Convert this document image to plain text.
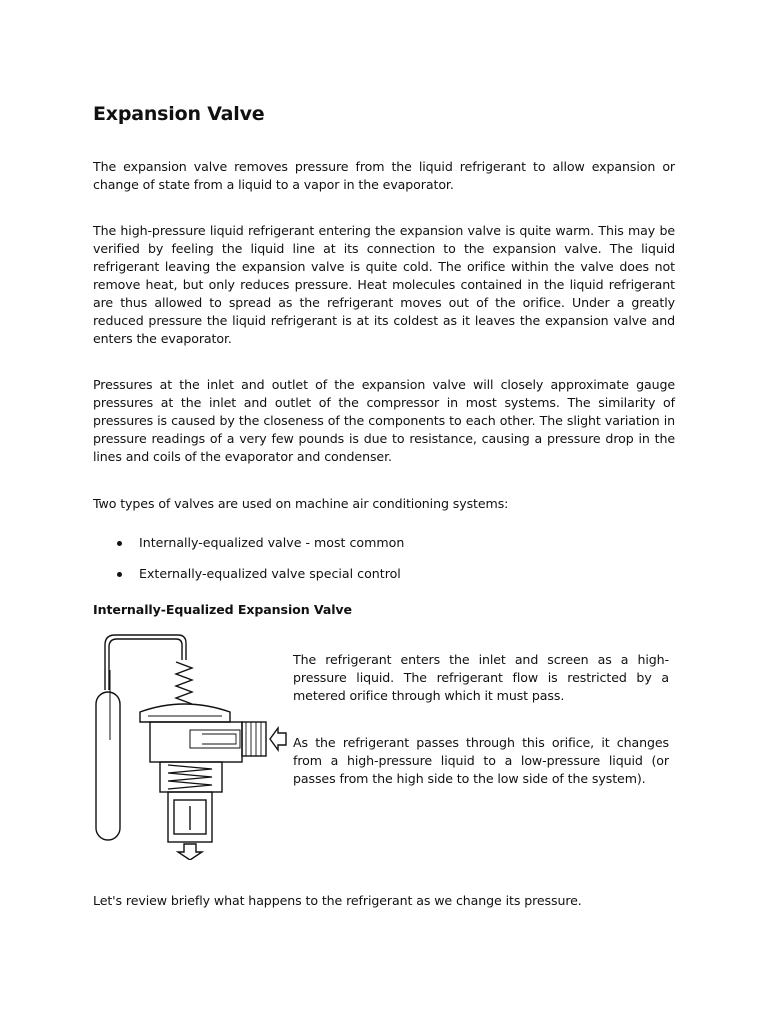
Expansion Valve

The expansion valve removes pressure from the liquid refrigerant to allow expansion or change of state from a liquid to a vapor in the evaporator.

The high-pressure liquid refrigerant entering the expansion valve is quite warm. This may be verified by feeling the liquid line at its connection to the expansion valve. The liquid refrigerant leaving the expansion valve is quite cold. The orifice within the valve does not remove heat, but only reduces pressure. Heat molecules contained in the liquid refrigerant are thus allowed to spread as the refrigerant moves out of the orifice. Under a greatly reduced pressure the liquid refrigerant is at its coldest as it leaves the expansion valve and enters the evaporator.

Pressures at the inlet and outlet of the expansion valve will closely approximate gauge pressures at the inlet and outlet of the compressor in most systems. The similarity of pressures is caused by the closeness of the components to each other. The slight variation in pressure readings of a very few pounds is due to resistance, causing a pressure drop in the lines and coils of the evaporator and condenser.

Two types of valves are used on machine air conditioning systems:

Internally-equalized valve - most common
Externally-equalized valve special control
Internally-Equalized Expansion Valve

The refrigerant enters the inlet and screen as a high-pressure liquid. The refrigerant flow is restricted by a metered orifice through which it must pass.

As the refrigerant passes through this orifice, it changes from a high-pressure liquid to a low-pressure liquid (or passes from the high side to the low side of the system).

Let's review briefly what happens to the refrigerant as we change its pressure.
